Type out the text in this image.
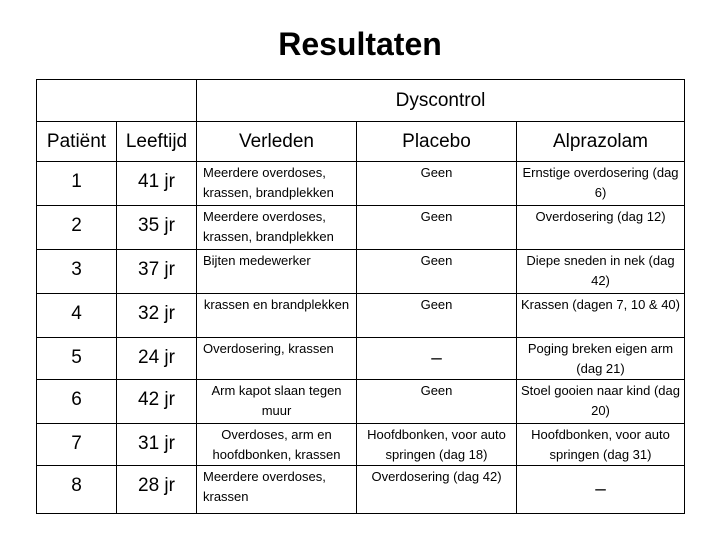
Resultaten
		Dyscontrol		
Patiënt	Leeftijd	Verleden	Placebo	Alprazolam
1	41 jr	Meerdere overdoses, krassen, brandplekken	Geen	Ernstige overdosering (dag 6)
2	35 jr	Meerdere overdoses, krassen, brandplekken	Geen	Overdosering (dag 12)
3	37 jr	Bijten medewerker	Geen	Diepe sneden in nek (dag 42)
4	32 jr	krassen en brandplekken	Geen	Krassen (dagen 7, 10 & 40)
5	24 jr	Overdosering, krassen	–	Poging breken eigen arm (dag 21)
6	42 jr	Arm kapot slaan tegen muur	Geen	Stoel gooien naar kind (dag 20)
7	31 jr	Overdoses, arm en hoofdbonken, krassen	Hoofdbonken, voor auto springen (dag 18)	Hoofdbonken, voor auto springen (dag 31)
8	28 jr	Meerdere overdoses, krassen	Overdosering (dag 42)	–
